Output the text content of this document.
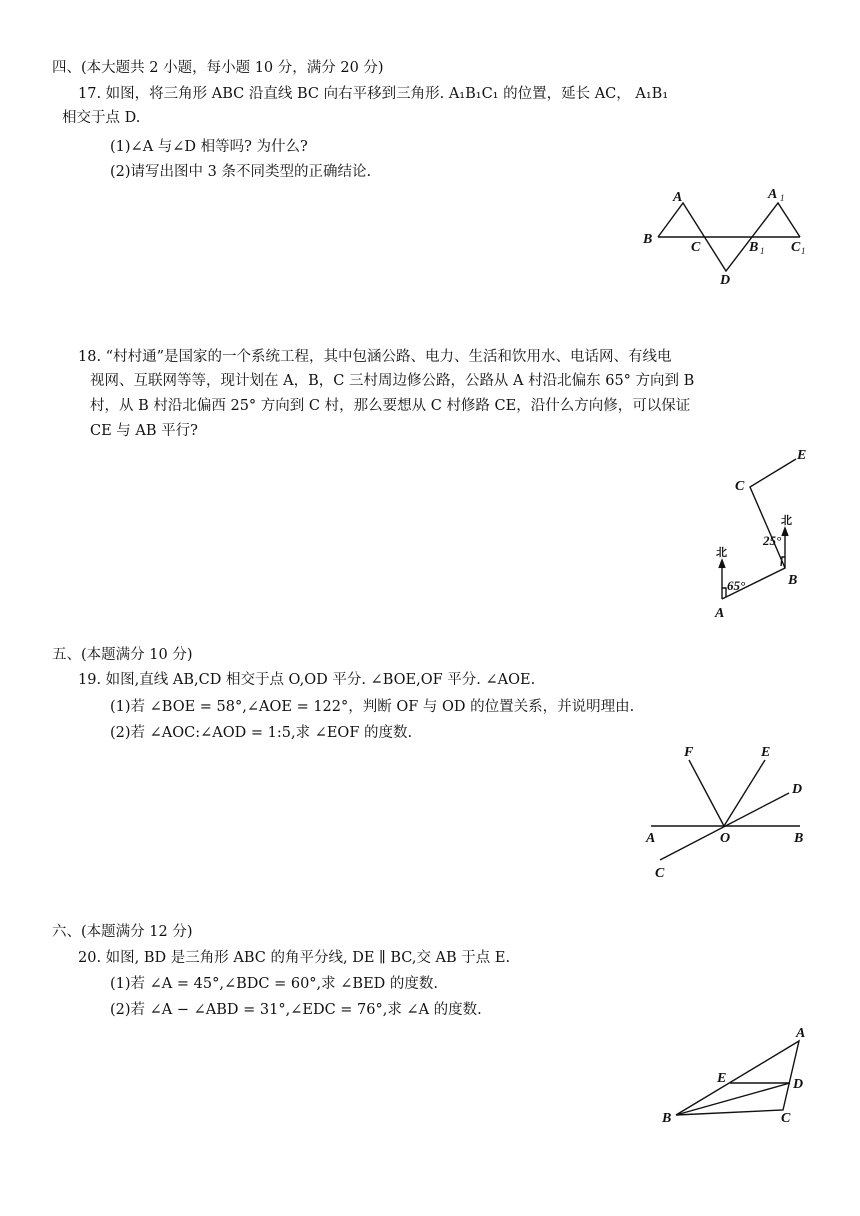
四、(本大题共 2 小题，每小题 10 分，满分 20 分)
17. 如图，将三角形 ABC 沿直线 BC 向右平移到三角形. A₁B₁C₁ 的位置，延长 AC， A₁B₁
相交于点 D.
(1)∠A 与∠D 相等吗? 为什么?
(2)请写出图中 3 条不同类型的正确结论.
A	A 1
B
C	B 1 C 1
D
18. “村村通”是国家的一个系统工程，其中包涵公路、电力、生活和饮用水、电话网、有线电
视网、互联网等等，现计划在 A，B，C 三村周边修公路，公路从 A 村沿北偏东 65° 方向到 B
村，从 B 村沿北偏西 25° 方向到 C 村，那么要想从 C 村修路 CE，沿什么方向修，可以保证
CE 与 AB 平行?
E
C
北
25°
北
65°	B
A
五、(本题满分 10 分)
19. 如图,直线 AB,CD 相交于点 O,OD 平分. ∠BOE,OF 平分. ∠AOE.
(1)若 ∠BOE = 58°,∠AOE = 122°，判断 OF 与 OD 的位置关系，并说明理由.
(2)若 ∠AOC:∠AOD = 1:5,求 ∠EOF 的度数.
F	E
D
A	O	B
C
六、(本题满分 12 分)
20. 如图, BD 是三角形 ABC 的角平分线, DE ∥ BC,交 AB 于点 E.
(1)若 ∠A = 45°,∠BDC = 60°,求 ∠BED 的度数.
(2)若 ∠A − ∠ABD = 31°,∠EDC = 76°,求 ∠A 的度数.
A
E	D
B	C
